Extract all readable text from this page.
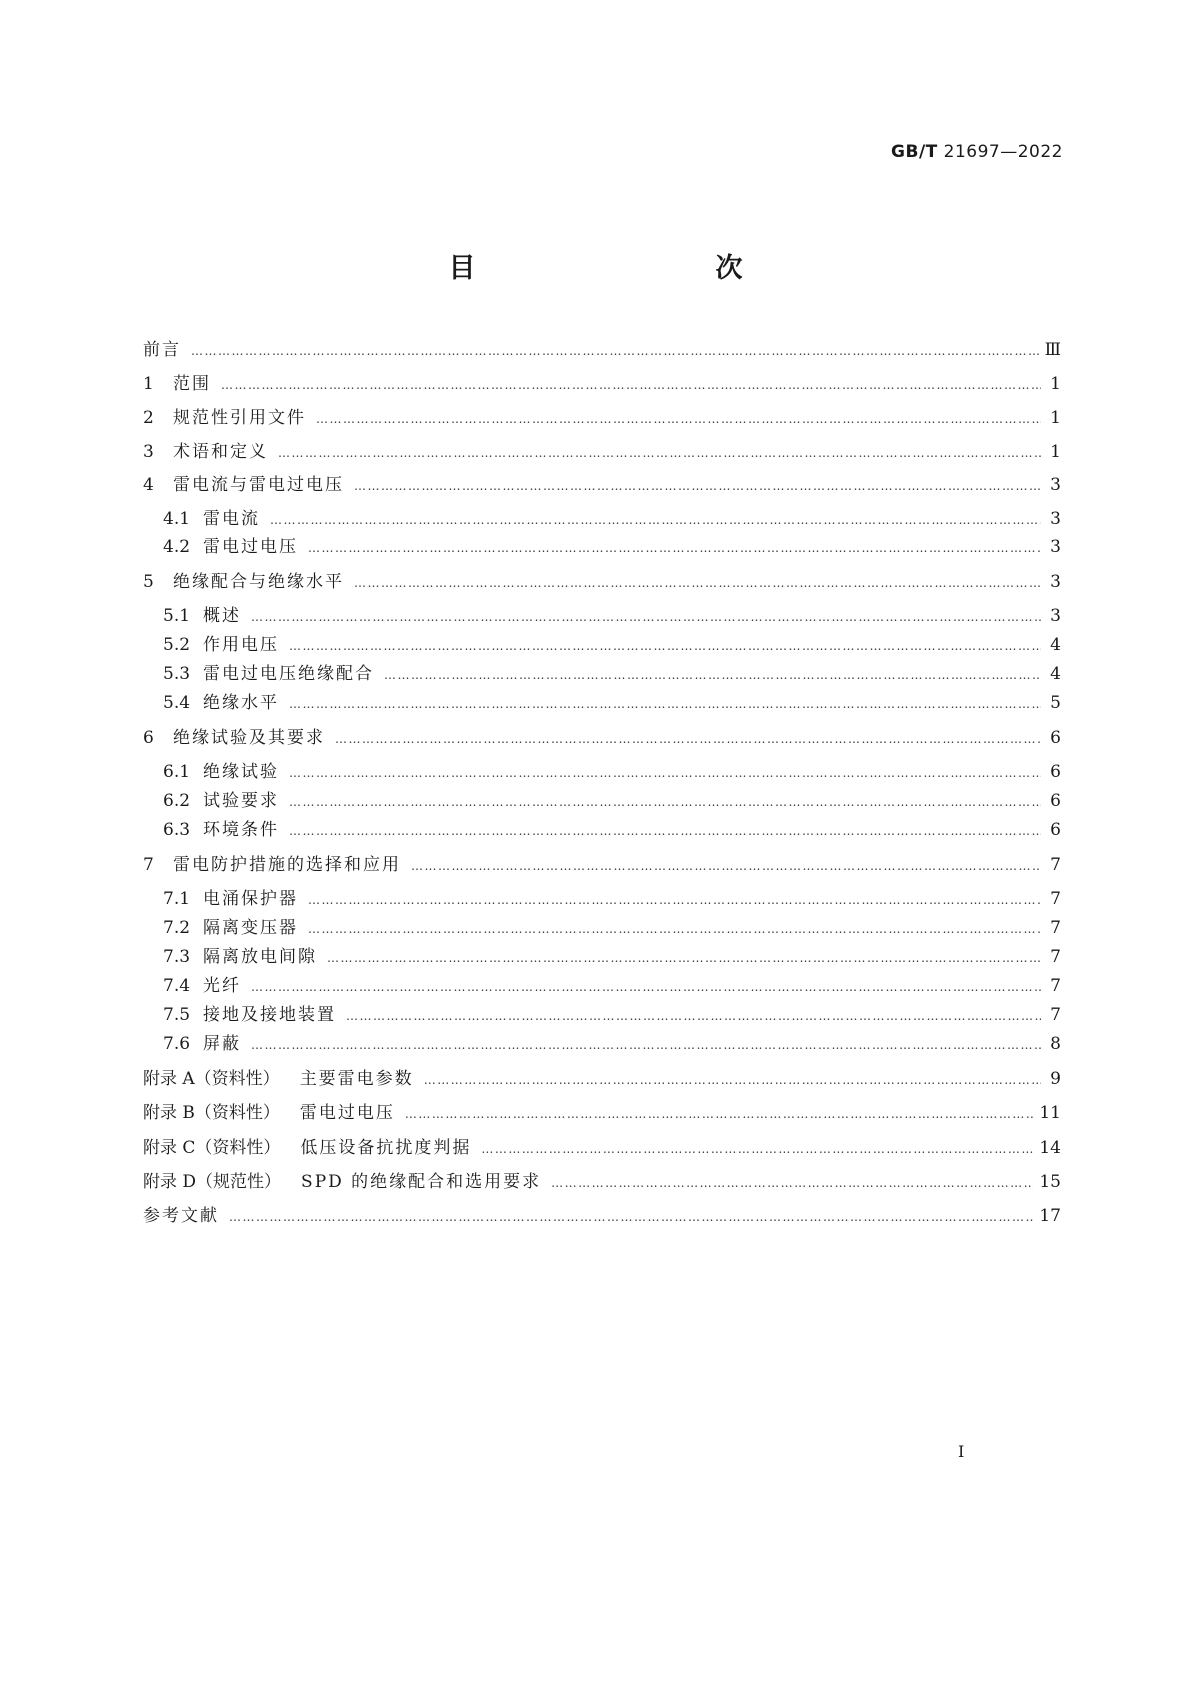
GB/T 21697—2022
目　　次
前言 …………………………………………………………………………………………………………………………………………………………………………………………………………	Ⅲ
1	范围 …………………………………………………………………………………………………………………………………………………………………………………………………………	1
2	规范性引用文件 …………………………………………………………………………………………………………………………………………………………………………………………………………	1
3	术语和定义 …………………………………………………………………………………………………………………………………………………………………………………………………………	1
4	雷电流与雷电过电压 …………………………………………………………………………………………………………………………………………………………………………………………………………	3
4.1 雷电流 …………………………………………………………………………………………………………………………………………………………………………………………………………	3
4.2 雷电过电压 …………………………………………………………………………………………………………………………………………………………………………………………………………	3
5	绝缘配合与绝缘水平 …………………………………………………………………………………………………………………………………………………………………………………………………………	3
5.1 概述 …………………………………………………………………………………………………………………………………………………………………………………………………………	3
5.2 作用电压 …………………………………………………………………………………………………………………………………………………………………………………………………………	4
5.3 雷电过电压绝缘配合 …………………………………………………………………………………………………………………………………………………………………………………………………………	4
5.4 绝缘水平 …………………………………………………………………………………………………………………………………………………………………………………………………………	5
6	绝缘试验及其要求 …………………………………………………………………………………………………………………………………………………………………………………………………………	6
6.1 绝缘试验 …………………………………………………………………………………………………………………………………………………………………………………………………………	6
6.2 试验要求 …………………………………………………………………………………………………………………………………………………………………………………………………………	6
6.3 环境条件 …………………………………………………………………………………………………………………………………………………………………………………………………………	6
7	雷电防护措施的选择和应用 …………………………………………………………………………………………………………………………………………………………………………………………………………	7
7.1 电涌保护器 …………………………………………………………………………………………………………………………………………………………………………………………………………	7
7.2 隔离变压器 …………………………………………………………………………………………………………………………………………………………………………………………………………	7
7.3 隔离放电间隙 …………………………………………………………………………………………………………………………………………………………………………………………………………	7
7.4 光纤 …………………………………………………………………………………………………………………………………………………………………………………………………………	7
7.5 接地及接地装置 …………………………………………………………………………………………………………………………………………………………………………………………………………	7
7.6 屏蔽 …………………………………………………………………………………………………………………………………………………………………………………………………………	8
附录 A（资料性）	主要雷电参数 …………………………………………………………………………………………………………………………………………………………………………………………………………	9
附录 B（资料性）	雷电过电压 …………………………………………………………………………………………………………………………………………………………………………………………………………	11
附录 C（资料性）	低压设备抗扰度判据 …………………………………………………………………………………………………………………………………………………………………………………………………………	14
附录 D（规范性）	SPD 的绝缘配合和选用要求 …………………………………………………………………………………………………………………………………………………………………………………………………………	15
参考文献 …………………………………………………………………………………………………………………………………………………………………………………………………………	17
I
